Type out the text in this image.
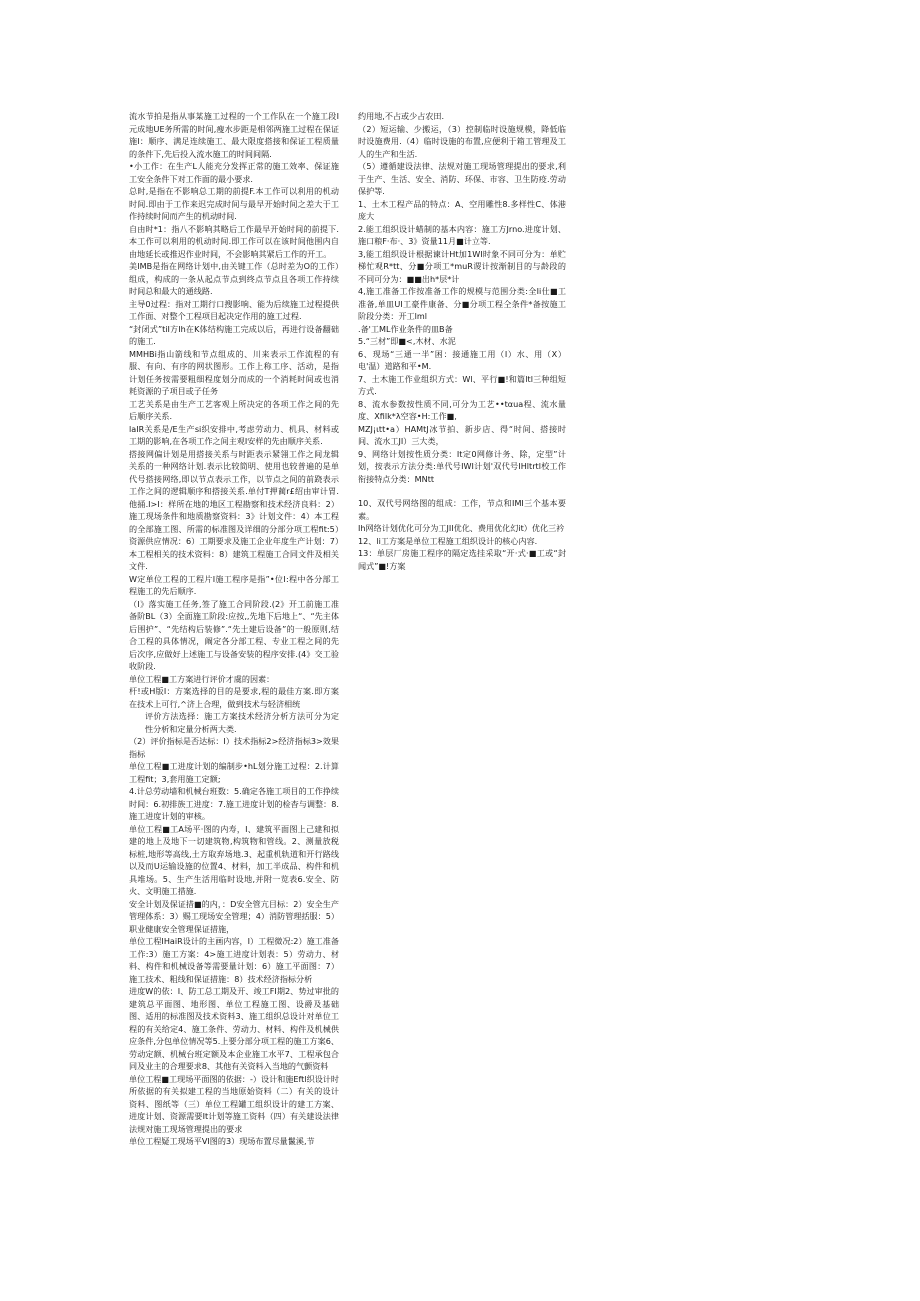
流水节拍是指从事某施工过程的一个工作队在一个施工段Ⅰ元成地UE务所需的时间,瘦水步距是相邻两施工过程在保证施Ⅰ：顺序、满足连续施工、最大限度搭接和保证工程质量的条件下,先后投入流水施工的时间间隔.

•小工作：在生产L人能充分发挥正常的施工效率、保证施工安全条件下对工作面的最小要求.

总时,是指在不影响总工期的前提F.本工作可以利用的机动时间.即由于工作来迟完成时间与最早开始时间之差大于工作持续时间而产生的机动时间.

自由时*1：指八不影响其略后工作最早开始时间的前提下.本工作可以利用的机动时间.即工作可以在该时间他围内自由地延长或推迟作业时间，不会影响其紧后工作的开工。

美IMB是指在网络计划中,由关键工作（总时差为O的工作）组成，构成的一条从起点节点到终点节点且各项工作持续时间总和最大的通线路.

主导0过程：指对工期行口搜影响、能为后续施工过程提供工作面、对整个工程项目起决定作用的施工过程.

“封闭式”tiI方Ih在K体结构施工完成以后，再进行设备翻础的施工.

MMHBi指山箭线和节点组成的、川来表示工作流程的有服、有向、有序的网状图形。工作上称工序、活动，是指计划任务按需要粗细程度划分而成的一个消耗时间或也消耗资源的子项目或子任务

工艺关系是由生产工艺客观上所决定的各项工作之间的先后顺序关系.

laIR关系是/E生产si织安排中,考虑劳动力、机具、材料或工期的影响,在各项工作之间主观Ⅰ安样的先由顺序关系.

搭接网偏计划是用搭接关系与时距表示紧翎工作之间龙辑关系的一种网络计划.表示比较简明、使用也较普遍的是单代号搭接网络,即以节点表示工作，以节点之间的前跷表示工作之间的逻辑顺序和搭接关系.单付T押蔺r£绍由审计胃.他捅.I>I：样所在地的地区工程勘察和技术经济良料：2）施工现场条件和地质勘察资料：3》计划文件：4）本工程的全部施工图、所需的标准图及详细的分部分项工程fit:5）资源供应情况：6）工期要求及施工企业年度生产计划：7）本工程相关的技术资料：8）建筑工程施工合同文件及相关文件.

W定单位工程的工程片Ⅰ施工程序是指”•位Ⅰ:程中各分部工程施工的先后顺序.

（I》落实施工任务,签了施工合同阶段.(2》开工前施工准备阶BL（3）全面施工阶段:应按,,先地下后地上“、“先主体后围护”、“先结构后装修”.“先土建后设备”的一般原则,结合工程的具体情况，阚定各分部工程、专业工程之间的先后次序,应做好上述施工与设备安装的程序安排.(4》交工验收阶段.

单位工程■工方案进行评价才虞的因素：

杆!或H版Ⅰ：方案选择的目的是要求,程的最佳方案.即方案在技术上可行,^济上合理，做到技术与轻济相统

评价方法选择：施工方案技术经济分析方法可分为定性分析和定量分析两大类.

（2）评价指标是否达标：I）技术指标2>经济指标3>效果指标

单位工程■工进度计划的编制步•hL划分施工过程：2.计算工程fit；3,套用施工定额;

4.计总劳动墙和机械台班数：5.确定各施工项目的工作挣续时间：6.初排族工进度：7.施工进度计划的检杳与调整：8.施工进度计划的审核。

单位工程■工A场平·图的内寿，I、建筑平面图上己建和拟建的地上及地下一切建筑物,构筑物和管线。2、测量放税标桩,地形等高线,土方取弃场地.3、起重机轨道和开行路线以及而U运输设施的位置4、材料，加工半成品、构件和机具堆场。5、生产生活用临时设地,并附一览表6.安全、防火、文明施工措施.

安全计划及保证措■的内，：D安全管亢目标：2）安全生产管理体系：3）赐工现场安全管理；4）消防管理括服：5）职业健康安全管理保证措施，

单位工程IHaiR设计的主画内容，I）工程微况:2）施工准备工作:3）施工方案：4>施工进度计划表：5）劳动力、材料、构件和机械设备等需要量计划：6）施工平面图：7）施工技术、粗线和保证措施：8）技术经济指标分析

进度W的依：I、防工总工期及开、竣工FI期2、势过审批的建筑总平面图、地形图、单位工程施工图、设爵及基础图、适用的标准图及技术资料3、施工组织总设计对单位工程的有关给定4、施工条件、劳动力、材料、构件及机械供应条件,分包单位情况等5.上要分部分项工程的施工方案6、劳动定额、机械台班定额及本企业施工水平7、工程承包合同及业主的合理要求8、其他有关资料入当地的气颤资料

单位工程■工现场平面图的依据：-）设计和施Eftl织设计时所依据的有关拟建工程的当地原始资料（二）有关的设计资料、图纸等（三）单位工程罐工组织设计的建工方案、进度计划、资源需要It计划等施工资料（四）有关建设法律法规对施工现场管理提出的要求

单位工程疑工现场平VI图的3）现场布置尽量鬣溪,节

约用地,不占或少占农田.

（2）短运输、少搬运，（3）控制临时设施规模，降低临时设施费用.（4）临时设施的布置,应便利于箱工管理及工人的生产和生活.

（5）遵循建设法律、法规对施工现场管理提出的要求,利于生产、生活、安全、消防、环保、市容、卫生防疫.劳动保护等.

1、土木工程产品的特点：A、空用雕性8.多样性C、体港庞大

2.能工组织设计蜡制的基本内容：施工方Jrno.进度计划、施口粮F·布·、3》资量11月■计立等.

3,能工组织设计根据谏计Ht加1WI时象不同可分为：单贮梯忙观R*tt、分■分项工*muR谡计按渐制目的与龄段的不同可分为：■■出h*层*计

4,施工准备工作按准备工作的规模与范围分类:全Ii仕■工准备,单皿UI工豪件康备、分■分项工程仝条件*备按施工阶段分类：开工lml

.备'工ML作业条件的皿B备

5.“三材”即■<,木材、水泥

6、现场“三通一半”困：接通施工用（I）水、用（X）电'温）道路和平•M.

7、土木施工作业组织方式：Wl、平行■!和篇ltl三种组短方式.

8、流水参数按性质不同,可分为工艺••tαua程、流水量度、Xfilk*λ空容•H:工作■,

MZJ¡ιtt•a）HAMtJ冰节拍、新步店、得“时间、搭接时间、流水工JI）三大类，

9、网络计划按性质分类：It定0网修计务、除，定型”计划，按表示方法分类:单代号IWI计划'双代号IHltrtl校工作衔接特点分类：MNtt

10、双代号网络图的组成：工作，节点和IMI三个基本要素。

Ih网络计划优化可分为工JII优化、费用优化幻it）优化三衿

12、li工方案是单位工程施工组织设计的核心内容.

13：单层厂房施工程序的隔定选挂采取“开·式·■工或“封闻式”■!方案
